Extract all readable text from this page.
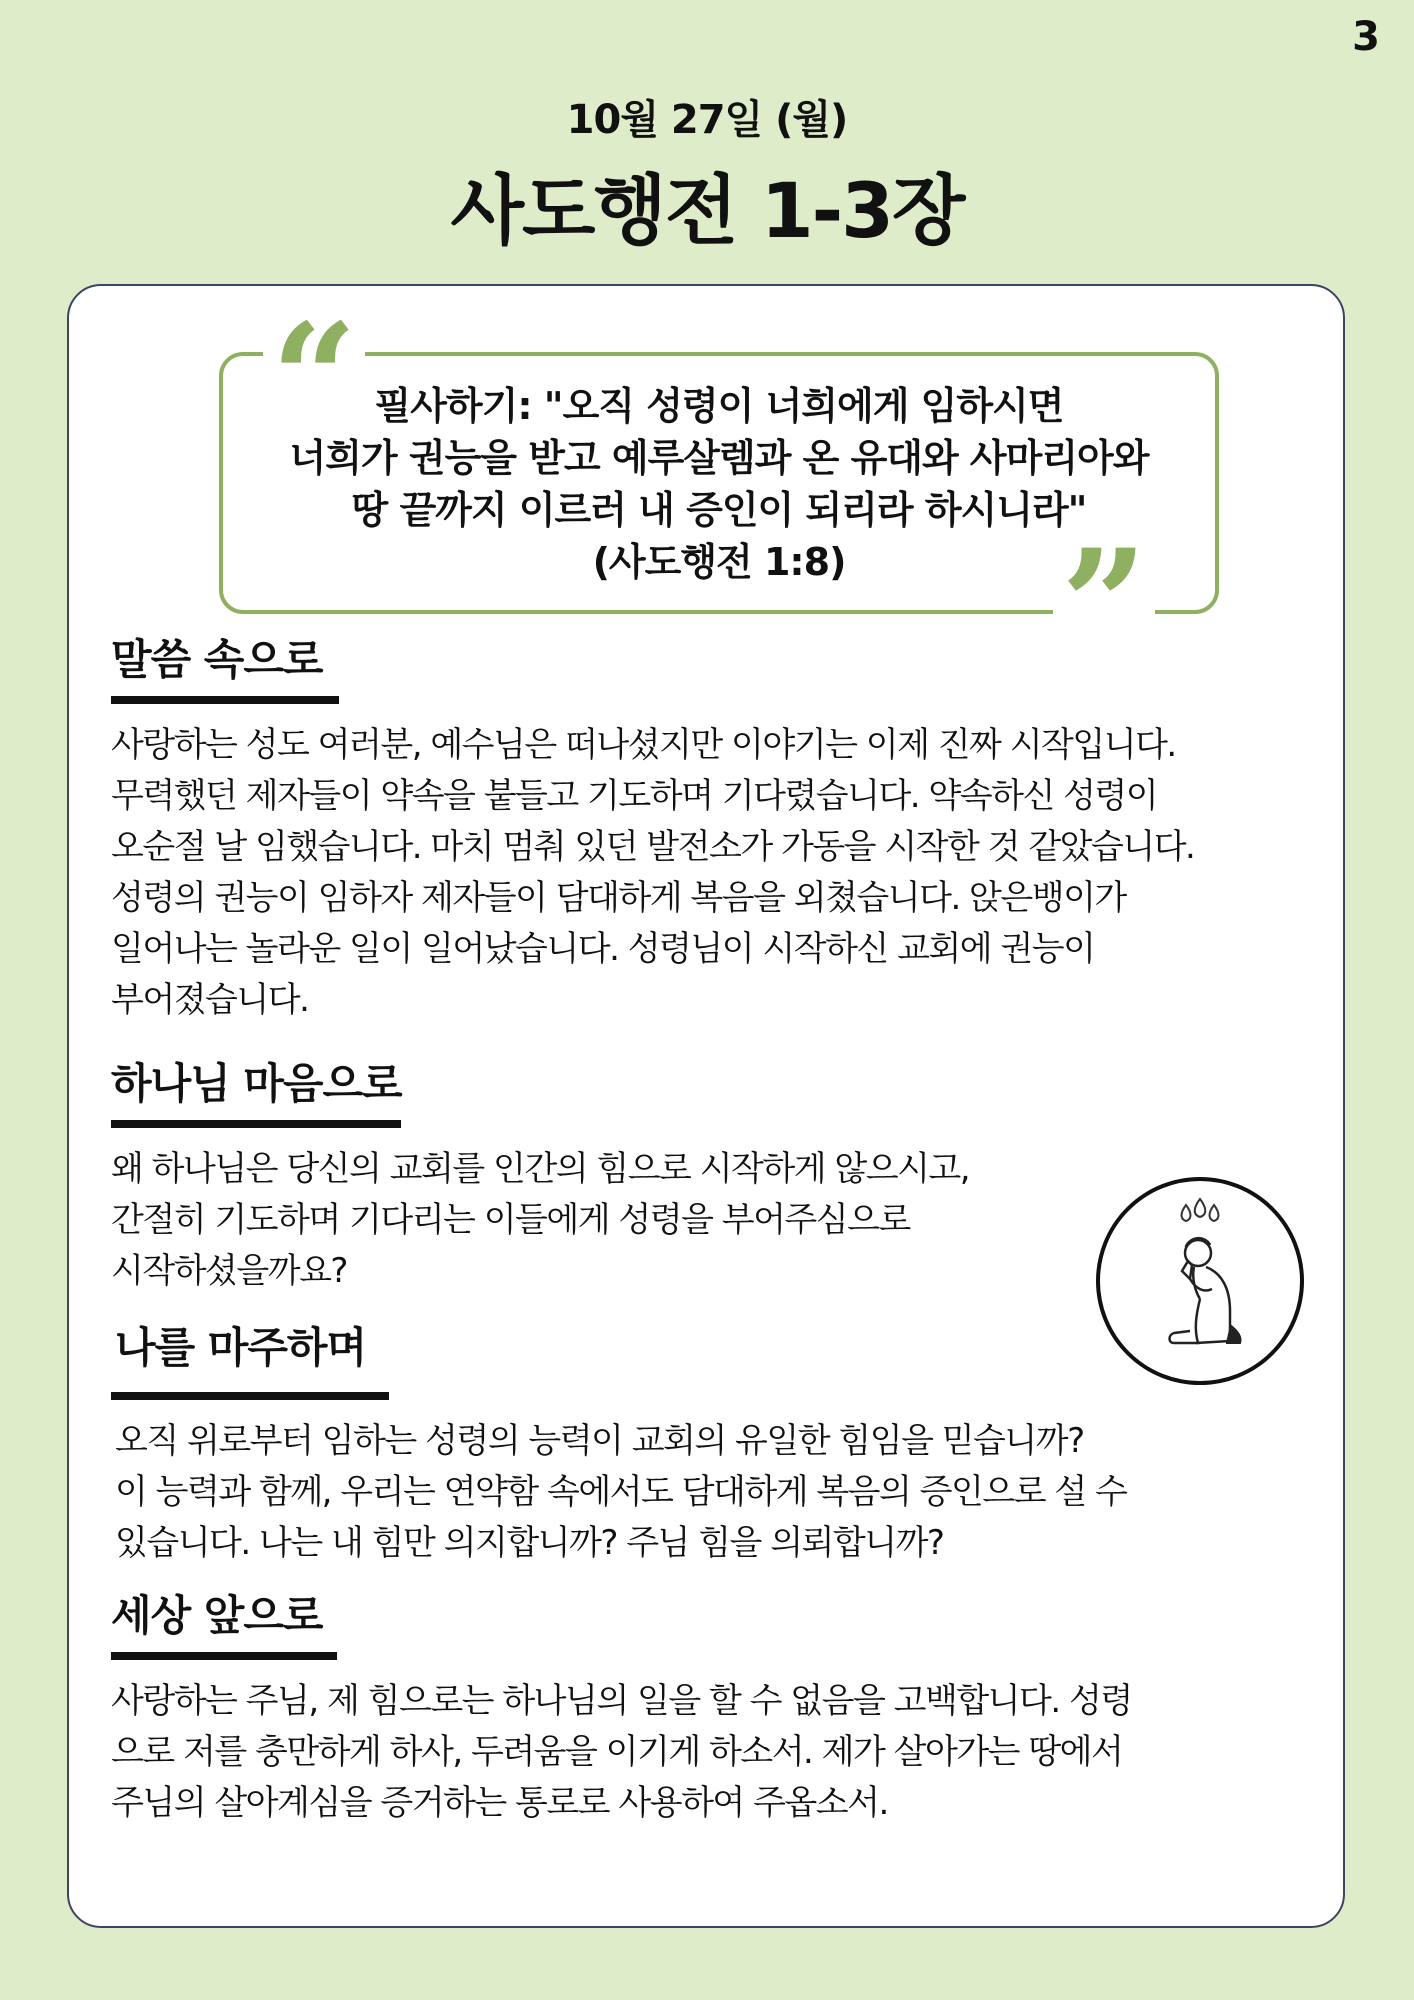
3

10월 27일 (월)

사도행전 1-3장
“ 필사하기: "오직 성령이 너희에게 임하시면
너희가 권능을 받고 예루살렘과 온 유대와 사마리아와
땅 끝까지 이르러 내 증인이 되리라 하시니라"
(사도행전 1:8)	”
말씀 속으로
사랑하는 성도 여러분, 예수님은 떠나셨지만 이야기는 이제 진짜 시작입니다.
무력했던 제자들이 약속을 붙들고 기도하며 기다렸습니다. 약속하신 성령이
오순절 날 임했습니다. 마치 멈춰 있던 발전소가 가동을 시작한 것 같았습니다.
성령의 권능이 임하자 제자들이 담대하게 복음을 외쳤습니다. 앉은뱅이가
일어나는 놀라운 일이 일어났습니다. 성령님이 시작하신 교회에 권능이
부어졌습니다.
하나님 마음으로
왜 하나님은 당신의 교회를 인간의 힘으로 시작하게 않으시고,
간절히 기도하며 기다리는 이들에게 성령을 부어주심으로
시작하셨을까요?
나를 마주하며
오직 위로부터 임하는 성령의 능력이 교회의 유일한 힘임을 믿습니까?
이 능력과 함께, 우리는 연약함 속에서도 담대하게 복음의 증인으로 설 수
있습니다. 나는 내 힘만 의지합니까? 주님 힘을 의뢰합니까?
세상 앞으로
사랑하는 주님, 제 힘으로는 하나님의 일을 할 수 없음을 고백합니다. 성령
으로 저를 충만하게 하사, 두려움을 이기게 하소서. 제가 살아가는 땅에서
주님의 살아계심을 증거하는 통로로 사용하여 주옵소서.
